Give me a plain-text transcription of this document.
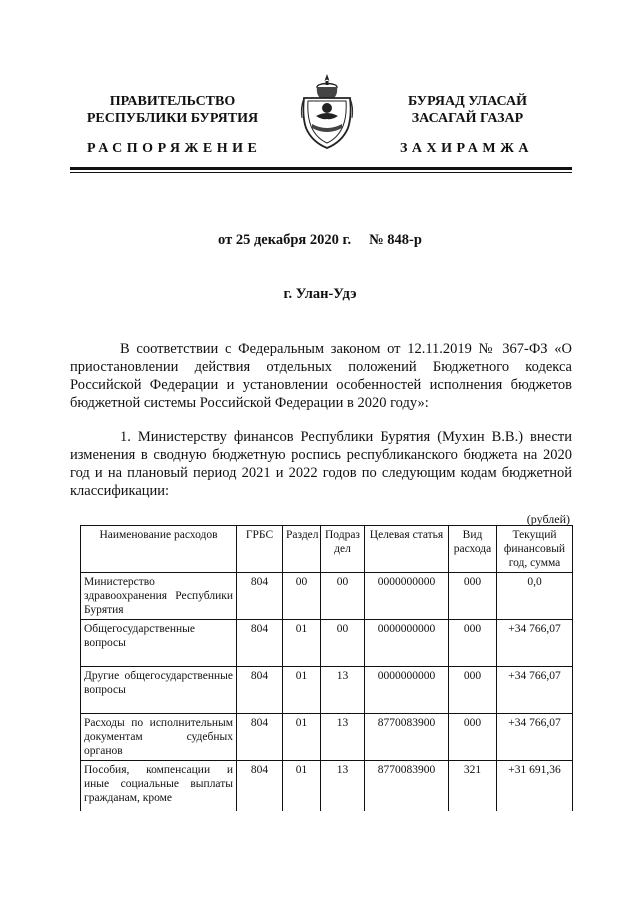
ПРАВИТЕЛЬСТВО
РЕСПУБЛИКИ БУРЯТИЯ
БУРЯАД УЛАСАЙ
ЗАСАГАЙ ГАЗАР
РАСПОРЯЖЕНИЕ	ЗАХИРАМЖА
от 25 декабря 2020 г. № 848-р
г. Улан-Удэ

В соответствии с Федеральным законом от 12.11.2019 № 367-ФЗ «О приостановлении действия отдельных положений Бюджетного кодекса Российской Федерации и установлении особенностей исполнения бюджетов бюджетной системы Российской Федерации в 2020 году»:

1. Министерству финансов Республики Бурятия (Мухин В.В.) внести изменения в сводную бюджетную роспись республиканского бюджета на 2020 год и на плановый период 2021 и 2022 годов по следующим кодам бюджетной классификации:

(рублей)
Наименование расходов	ГРБС	Раздел	Подраздел	Целевая статья	Вид расхода	Текущий финансовый год, сумма
Министерство здравоохранения Республики Бурятия	804	00	00	0000000000	000	0,0
Общегосударственные вопросы	804	01	00	0000000000	000	+34 766,07
Другие общегосударственные вопросы	804	01	13	0000000000	000	+34 766,07
Расходы по исполнительным документам судебных органов	804	01	13	8770083900	000	+34 766,07
Пособия, компенсации и иные социальные выплаты гражданам, кроме	804	01	13	8770083900	321	+31 691,36
